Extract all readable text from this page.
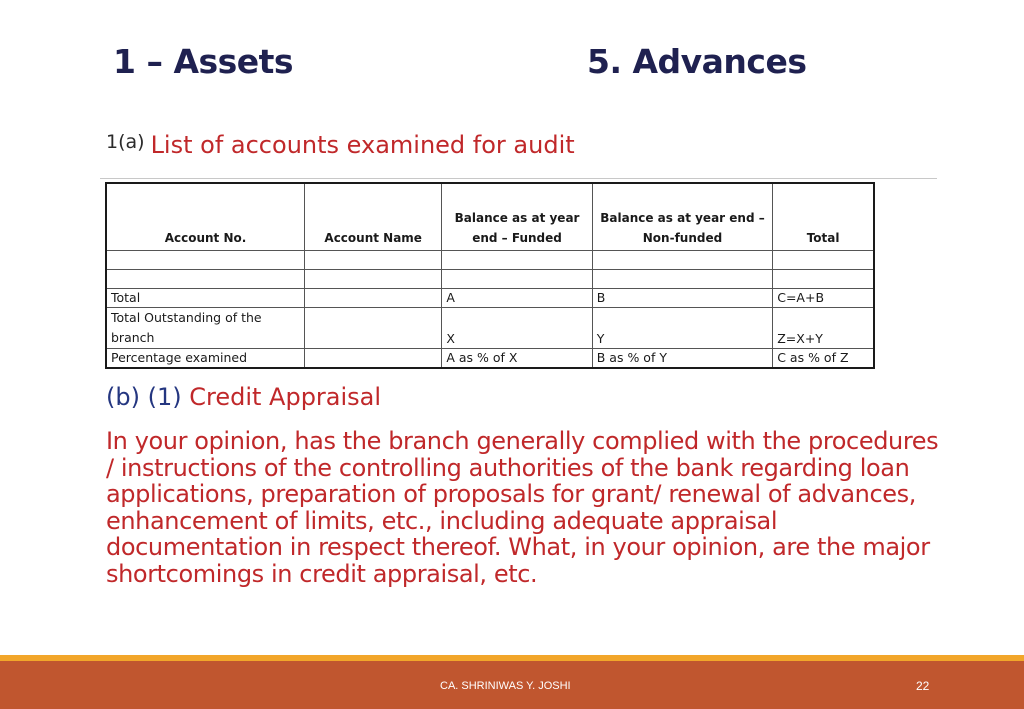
1 – Assets	5. Advances
1(a) List of accounts examined for audit
Account No.	Account Name	Balance as at year end – Funded	Balance as at year end – Non-funded	Total

Total		A	B	C=A+B
Total Outstanding of the branch		X	Y	Z=X+Y
Percentage examined		A as % of X	B as % of Y	C as % of Z
(b) (1) Credit Appraisal

In your opinion, has the branch generally complied with the procedures / instructions of the controlling authorities of the bank regarding loan applications, preparation of proposals for grant/ renewal of advances, enhancement of limits, etc., including adequate appraisal documentation in respect thereof. What, in your opinion, are the major shortcomings in credit appraisal, etc.

CA. SHRINIWAS Y. JOSHI	22
